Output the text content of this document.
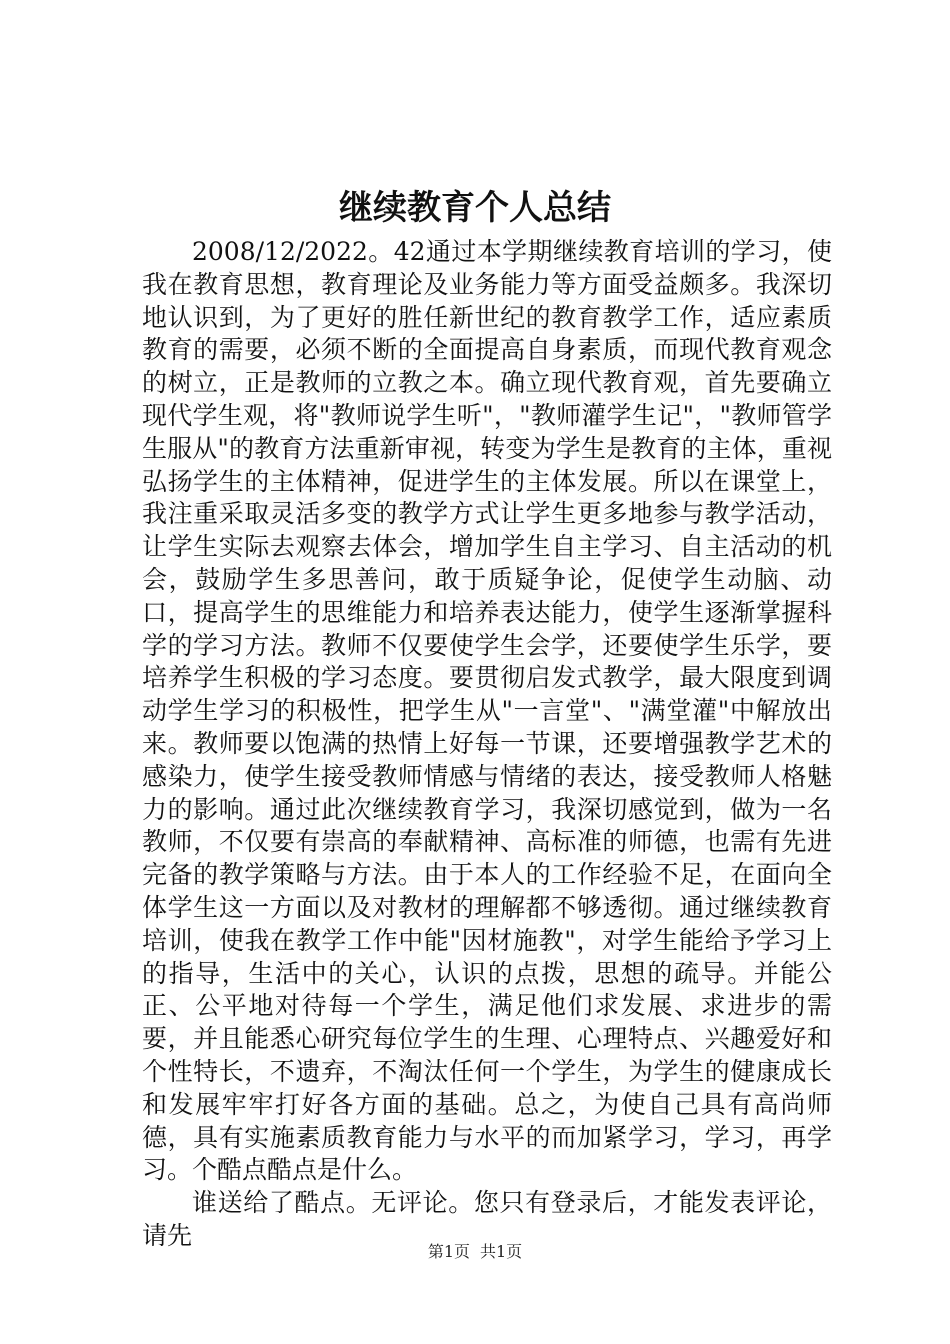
继续教育个人总结

2008/12/2022。42通过本学期继续教育培训的学习，使我在教育思想，教育理论及业务能力等方面受益颇多。我深切地认识到，为了更好的胜任新世纪的教育教学工作，适应素质教育的需要，必须不断的全面提高自身素质，而现代教育观念的树立，正是教师的立教之本。确立现代教育观，首先要确立现代学生观，将"教师说学生听"，"教师灌学生记"，"教师管学生服从"的教育方法重新审视，转变为学生是教育的主体，重视弘扬学生的主体精神，促进学生的主体发展。所以在课堂上，我注重采取灵活多变的教学方式让学生更多地参与教学活动，让学生实际去观察去体会，增加学生自主学习、自主活动的机会，鼓励学生多思善问，敢于质疑争论，促使学生动脑、动口，提高学生的思维能力和培养表达能力，使学生逐渐掌握科学的学习方法。教师不仅要使学生会学，还要使学生乐学，要培养学生积极的学习态度。要贯彻启发式教学，最大限度到调动学生学习的积极性，把学生从"一言堂"、"满堂灌"中解放出来。教师要以饱满的热情上好每一节课，还要增强教学艺术的感染力，使学生接受教师情感与情绪的表达，接受教师人格魅力的影响。通过此次继续教育学习，我深切感觉到，做为一名教师，不仅要有崇高的奉献精神、高标准的师德，也需有先进完备的教学策略与方法。由于本人的工作经验不足，在面向全体学生这一方面以及对教材的理解都不够透彻。通过继续教育培训，使我在教学工作中能"因材施教"，对学生能给予学习上的指导，生活中的关心，认识的点拨，思想的疏导。并能公正、公平地对待每一个学生，满足他们求发展、求进步的需要，并且能悉心研究每位学生的生理、心理特点、兴趣爱好和个性特长，不遗弃，不淘汰任何一个学生，为学生的健康成长和发展牢牢打好各方面的基础。总之，为使自己具有高尚师德，具有实施素质教育能力与水平的而加紧学习，学习，再学习。个酷点酷点是什么。

谁送给了酷点。无评论。您只有登录后，才能发表评论，请先

第1页 共1页
